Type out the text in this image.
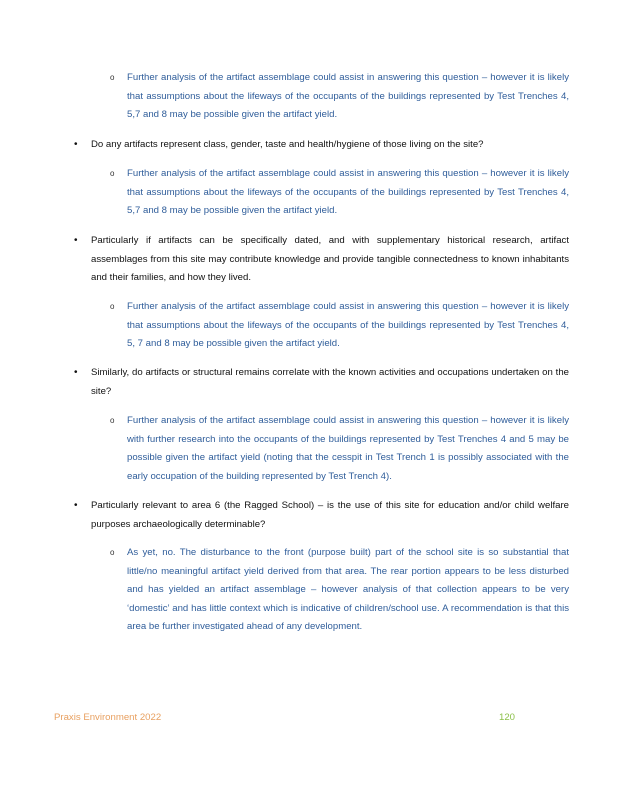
o Further analysis of the artifact assemblage could assist in answering this question – however it is likely that assumptions about the lifeways of the occupants of the buildings represented by Test Trenches 4, 5,7 and 8 may be possible given the artifact yield.
• Do any artifacts represent class, gender, taste and health/hygiene of those living on the site?
o Further analysis of the artifact assemblage could assist in answering this question – however it is likely that assumptions about the lifeways of the occupants of the buildings represented by Test Trenches 4, 5,7 and 8 may be possible given the artifact yield.
• Particularly if artifacts can be specifically dated, and with supplementary historical research, artifact assemblages from this site may contribute knowledge and provide tangible connectedness to known inhabitants and their families, and how they lived.
o Further analysis of the artifact assemblage could assist in answering this question – however it is likely that assumptions about the lifeways of the occupants of the buildings represented by Test Trenches 4, 5, 7 and 8 may be possible given the artifact yield.
• Similarly, do artifacts or structural remains correlate with the known activities and occupations undertaken on the site?
o Further analysis of the artifact assemblage could assist in answering this question – however it is likely with further research into the occupants of the buildings represented by Test Trenches 4 and 5 may be possible given the artifact yield (noting that the cesspit in Test Trench 1 is possibly associated with the early occupation of the building represented by Test Trench 4).
• Particularly relevant to area 6 (the Ragged School) – is the use of this site for education and/or child welfare purposes archaeologically determinable?
o As yet, no. The disturbance to the front (purpose built) part of the school site is so substantial that little/no meaningful artifact yield derived from that area. The rear portion appears to be less disturbed and has yielded an artifact assemblage – however analysis of that collection appears to be very ‘domestic’ and has little context which is indicative of children/school use. A recommendation is that this area be further investigated ahead of any development.
Praxis Environment 2022	120
